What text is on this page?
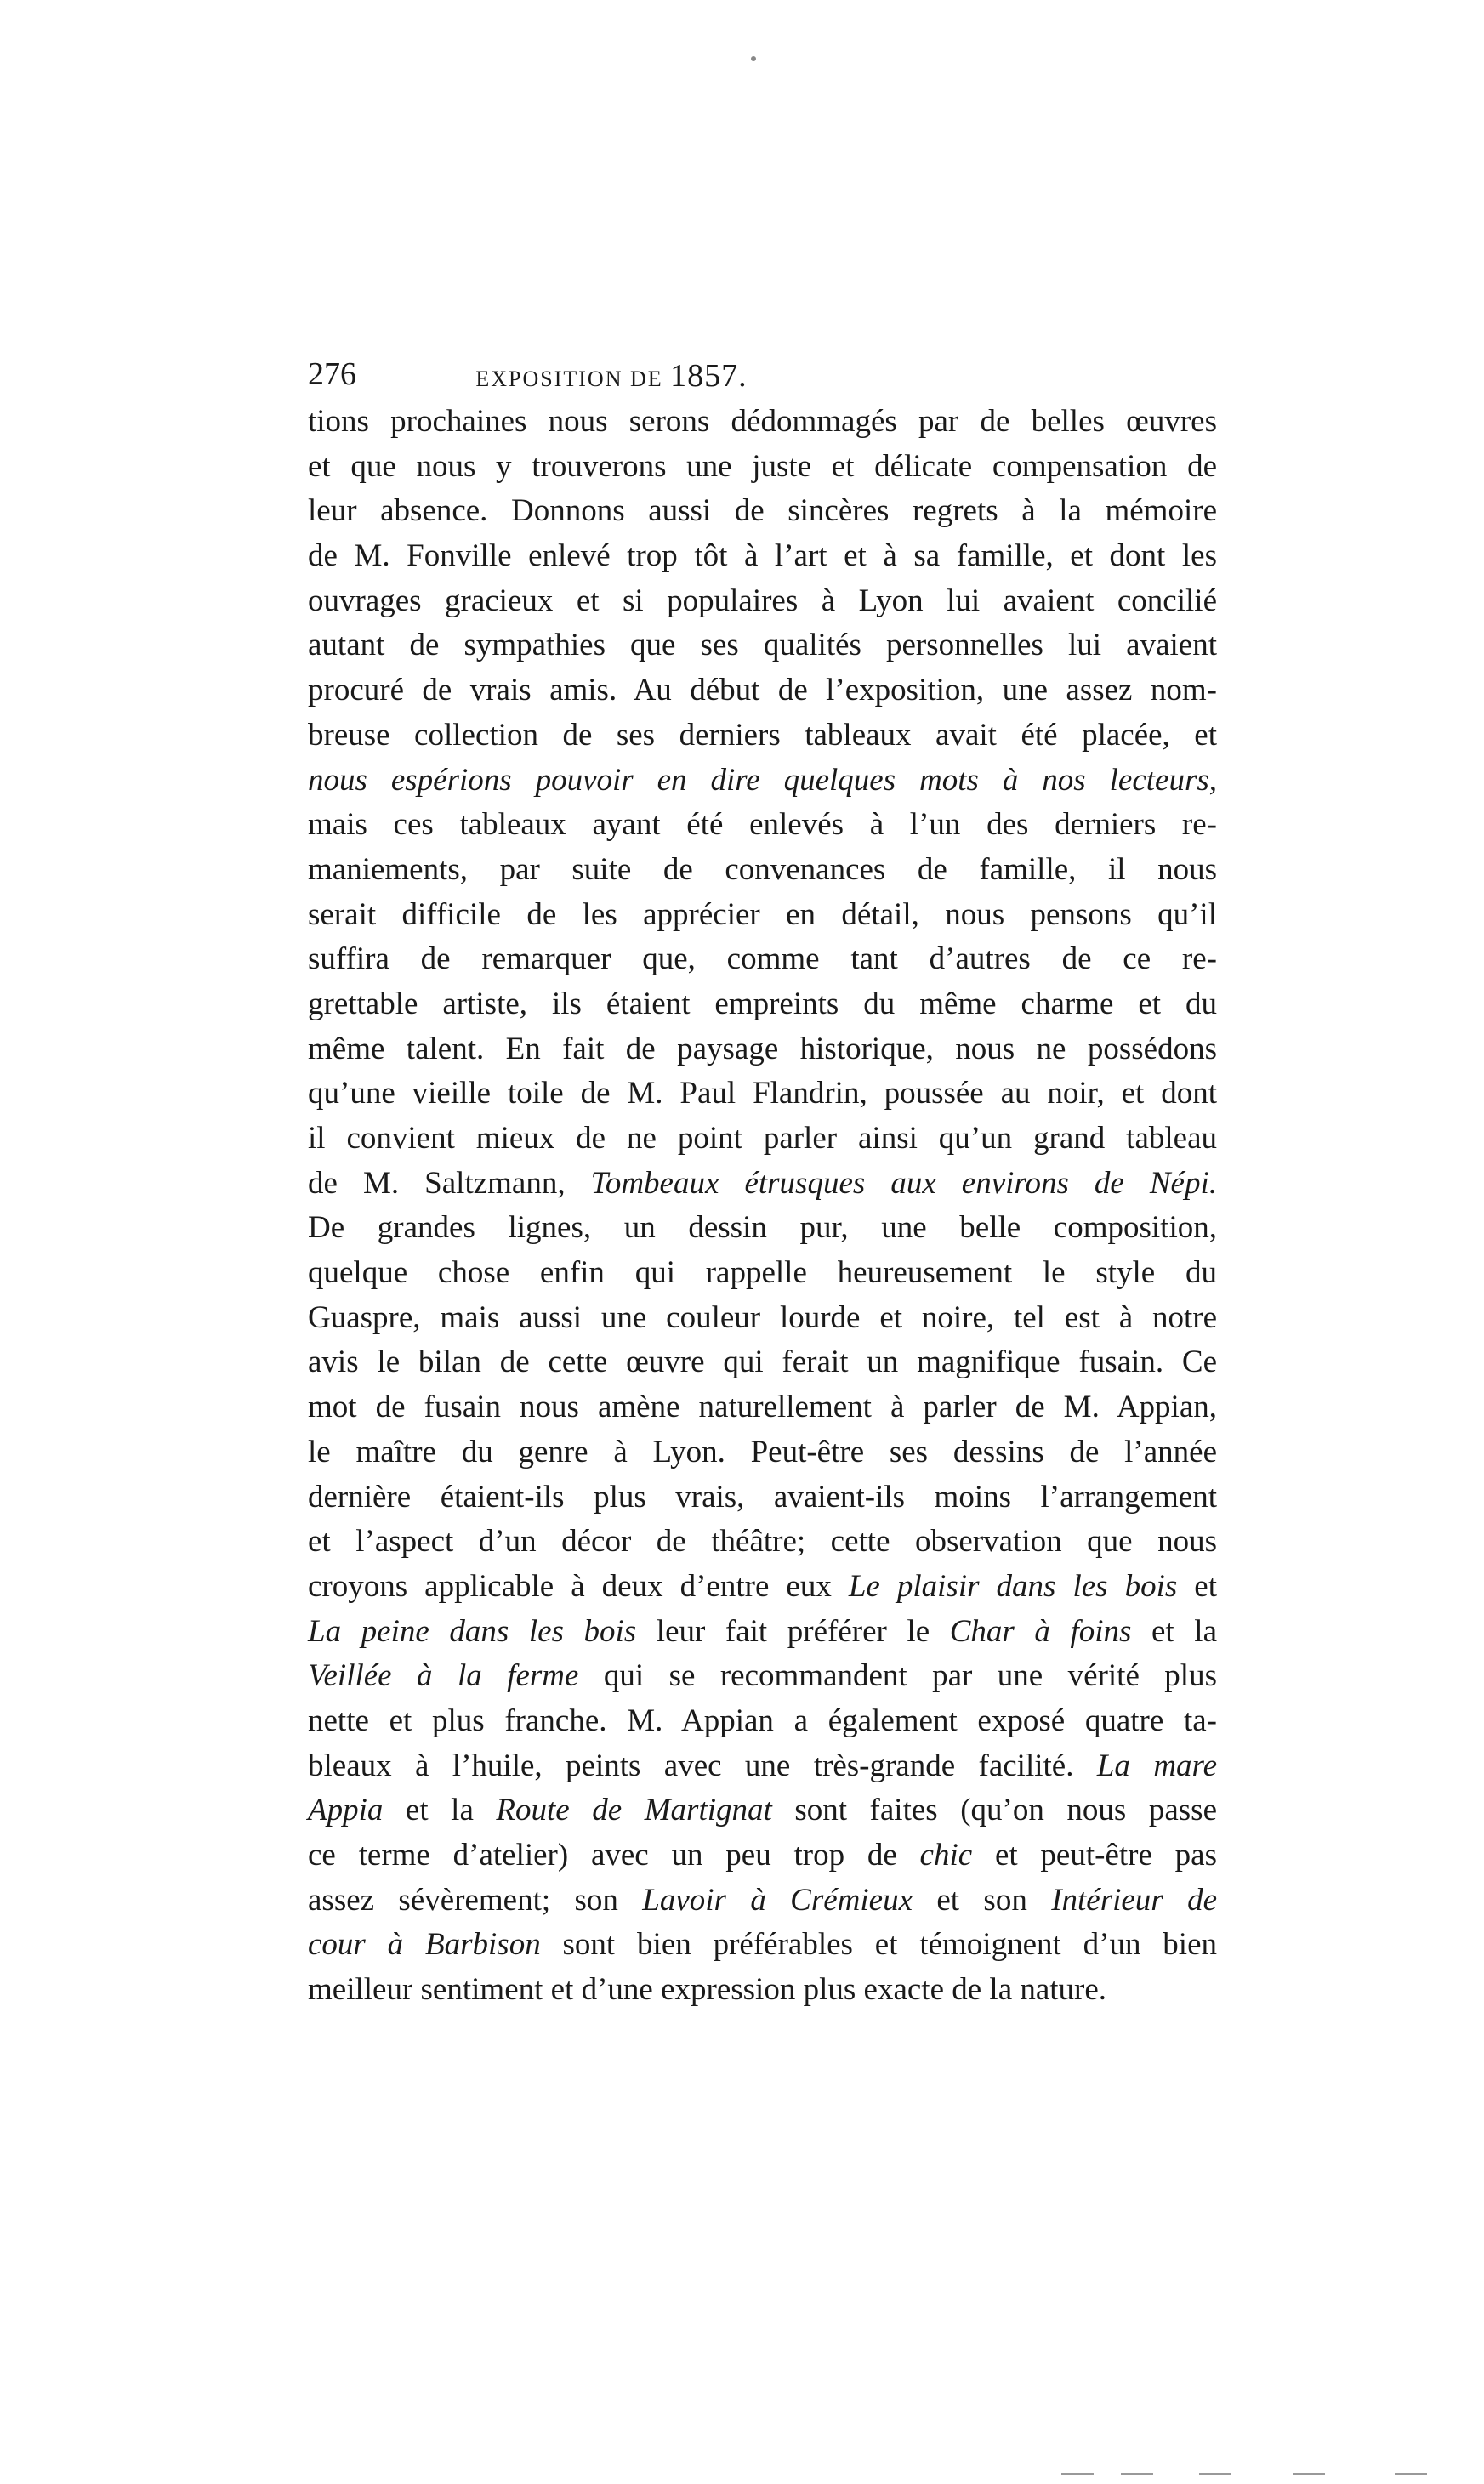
276	EXPOSITION DE 1857.
tions prochaines nous serons dédommagés par de belles œuvres
et que nous y trouverons une juste et délicate compensation de
leur absence. Donnons aussi de sincères regrets à la mémoire
de M. Fonville enlevé trop tôt à l’art et à sa famille, et dont les
ouvrages gracieux et si populaires à Lyon lui avaient concilié
autant de sympathies que ses qualités personnelles lui avaient
procuré de vrais amis. Au début de l’exposition, une assez nom-
breuse collection de ses derniers tableaux avait été placée, et
nous espérions pouvoir en dire quelques mots à nos lecteurs,
mais ces tableaux ayant été enlevés à l’un des derniers re-
maniements, par suite de convenances de famille, il nous
serait difficile de les apprécier en détail, nous pensons qu’il
suffira de remarquer que, comme tant d’autres de ce re-
grettable artiste, ils étaient empreints du même charme et du
même talent. En fait de paysage historique, nous ne possédons
qu’une vieille toile de M. Paul Flandrin, poussée au noir, et dont
il convient mieux de ne point parler ainsi qu’un grand tableau
de M. Saltzmann, Tombeaux étrusques aux environs de Népi.
De grandes lignes, un dessin pur, une belle composition,
quelque chose enfin qui rappelle heureusement le style du
Guaspre, mais aussi une couleur lourde et noire, tel est à notre
avis le bilan de cette œuvre qui ferait un magnifique fusain. Ce
mot de fusain nous amène naturellement à parler de M. Appian,
le maître du genre à Lyon. Peut-être ses dessins de l’année
dernière étaient-ils plus vrais, avaient-ils moins l’arrangement
et l’aspect d’un décor de théâtre; cette observation que nous
croyons applicable à deux d’entre eux Le plaisir dans les bois et
La peine dans les bois leur fait préférer le Char à foins et la
Veillée à la ferme qui se recommandent par une vérité plus
nette et plus franche. M. Appian a également exposé quatre ta-
bleaux à l’huile, peints avec une très-grande facilité. La mare
Appia et la Route de Martignat sont faites (qu’on nous passe
ce terme d’atelier) avec un peu trop de chic et peut-être pas
assez sévèrement; son Lavoir à Crémieux et son Intérieur de
cour à Barbison sont bien préférables et témoignent d’un bien
meilleur sentiment et d’une expression plus exacte de la nature.
